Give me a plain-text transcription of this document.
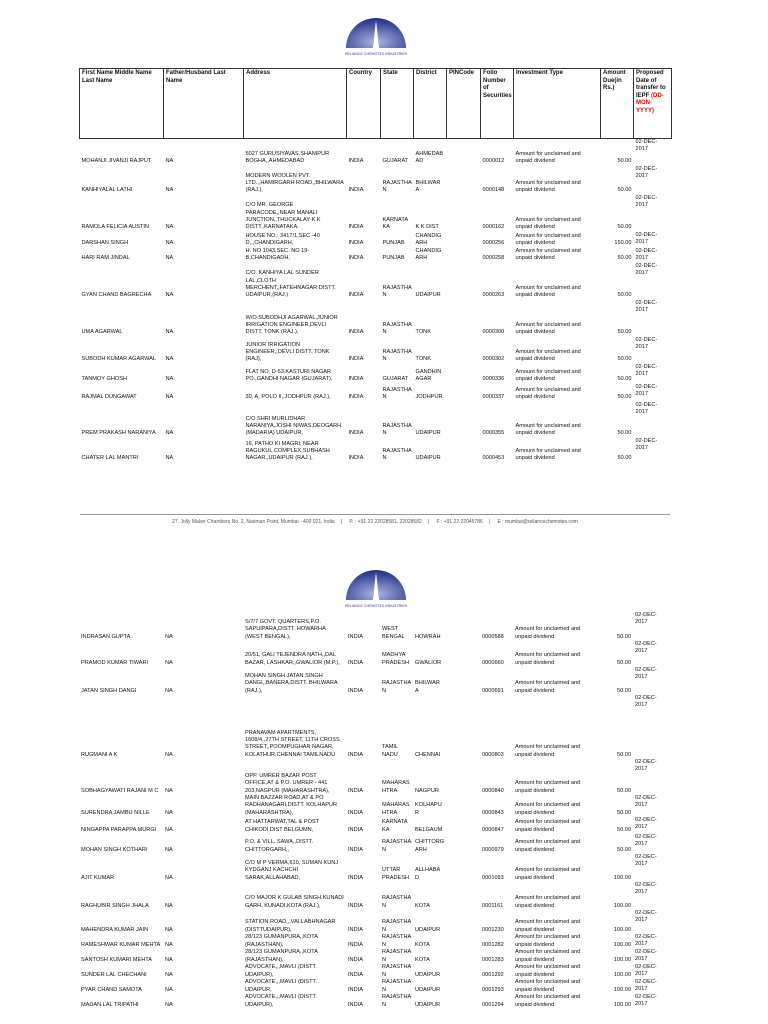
RELIANCE CHEMOTEX INDUSTRIES
First Name Middle Name Last Name	Father/Husband Last Name	Address	Country	State	District	PINCode	Folio Number of Securities	Investment Type	Amount Due(in Rs.)	Proposed Date of transfer to IEPF (DD-MON-YYYY)
MOHANJI JIVANJI RAJPUT	NA	5027 GURUSIYAVAS,SHANIPUR BOGHA,,AHMEDABAD	INDIA	GUJARAT	AHMEDAB AD		0000012	Amount for unclaimed and unpaid dividend	50.00	02-DEC-2017
KANHIYALAL LATHI	NA	MODERN WOOLEN PVT. LTD.,,HAMIRGARH ROAD,,BHILWARA (RAJ.),	INDIA	RAJASTHA N	BHILWAR A		0000148	Amount for unclaimed and unpaid dividend	50.00	02-DEC-2017
RAMOLA FELICIA AUSTIN	NA	C/O MR. GEORGE PARACODE,,NEAR MANALI JUNCTION,,THUCKALAY K.K DISTT.,KARNATAKA.	INDIA	KARNATA KA	K K DIST		0000162	Amount for unclaimed and unpaid dividend	50.00	02-DEC-2017
DARSHAN SINGH	NA	HOUSE NO.: 3417/1,SEC -40 D,,,CHANDIGARH,	INDIA	PUNJAB	CHANDIG ARH		0000256	Amount for unclaimed and unpaid dividend	150.00	02-DEC-2017
HARI RAM JINDAL	NA	H. NO 1043,SEC. NO 19-B,CHANDIGADH,	INDIA	PUNJAB	CHANDIG ARH		0000258	Amount for unclaimed and unpaid dividend	50.00	02-DEC-2017
GYAN CHAND BAGRECHA	NA	C/O. KANHIYA LAL SUNDER LAL,CLOTH MERCHENT,,FATEHNAGAR DISTT. UDAIPUR,(RAJ.)	INDIA	RAJASTHA N	UDAIPUR		0000263	Amount for unclaimed and unpaid dividend	50.00	02-DEC-2017
UMA AGARWAL	NA	W/O SUBODHJI AGARWAL,JUNIOR IRRIGATION ENGINEER,DEVLI DISTT. TONK (RAJ.),	INDIA	RAJASTHA N	TONK		0000300	Amount for unclaimed and unpaid dividend	50.00	02-DEC-2017
SUBODH KUMAR AGARWAL	NA	JUNIOR IRRIGATION ENGINEER,,DEVLI DISTT. TONK (RAJ),	INDIA	RAJASTHA N	TONK		0000302	Amount for unclaimed and unpaid dividend	50.00	02-DEC-2017
TANMOY GHOSH	NA	FLAT NO. D-53,KASTURI NAGAR PO.,GANDHI NAGAR (GUJARAT),	INDIA	GUJARAT	GANDHIN AGAR		0000336	Amount for unclaimed and unpaid dividend	50.00	02-DEC-2017
RAJMAL DUNGAWAT	NA	30, A, POLO II,,JODHPUR (RAJ.),	INDIA	RAJASTHA N	JODHPUR		0000337	Amount for unclaimed and unpaid dividend	50.00	02-DEC-2017
PREM PRAKASH NARANIYA	NA	C/O SHRI MURLIDHAR NARANIYA,JOSHI NIWAS,DEOGARH (MADARIA) UDAIPUR,	INDIA	RAJASTHA N	UDAIPUR		0000355	Amount for unclaimed and unpaid dividend	50.00	02-DEC-2017
CHATER LAL MANTRI	NA	16, PATHO KI MAGRI, NEAR RAGUKUL COMPLEX,SUBHASH NAGAR,,UDAIPUR (RAJ.),	INDIA	RAJASTHA N	UDAIPUR		0000453	Amount for unclaimed and unpaid dividend	50.00	02-DEC-2017
27, Jolly Maker Chambers No. 2, Nariman Point, Mumbai - 400 021, India | P. : +91 22 22028581, 22028582 | F : +91 22 22045786 | E : mumbai@reliancechemotex.com
RELIANCE CHEMOTEX INDUSTRIES
INDRASAN GUPTA	NA	S/7/7 GOVT. QUARTERS,P.O. SAPUIPARA,DISTT. HOWARHA (WEST BENGAL),	INDIA	WEST BENGAL	HOWRAH		0000588	Amount for unclaimed and unpaid dividend	50.00	02-DEC-2017
PRAMOD KUMAR TIWARI	NA	20/51, GALI TEJENDRA NATH,,DAL BAZAR, LASHKAR,,GWALIOR (M.P.),	INDIA	MADHYA PRADESH	GWALIOR		0000660	Amount for unclaimed and unpaid dividend	50.00	02-DEC-2017
JATAN SINGH DANGI	NA	MOHAN SINGH JATAN SINGH DANGI,,BANERA,DISTT. BHILWARA (RAJ.),	INDIA	RAJASTHA N	BHILWAR A		0000691	Amount for unclaimed and unpaid dividend	50.00	02-DEC-2017
RUGMANI A K	NA	PRANAVAM APARTMENTS, 1608/4,,27TH STREET, 11TH CROSS STREET,,POOMPUGHAR NAGAR, KOLATHUR,CHENNAI TAMILNADU	INDIA	TAMIL NADU	CHENNAI		0000803	Amount for unclaimed and unpaid dividend	50.00	02-DEC-2017
SOBHAGYAWATI RAJANI M C	NA	OPP. UMRER BAZAR POST OFFICE,AT & P.O. UMRER - 441 203,NAGPUR (MAHARASHTRA),	INDIA	MAHARAS HTRA	NAGPUR		0000840	Amount for unclaimed and unpaid dividend	50.00	02-DEC-2017
SURENDRA JAMBU NILLE	NA	MAIN BAZZAR ROAD,AT & PO RADHANAGARI,DISTT. KOLHAPUR (MAHARASHTRA),	INDIA	MAHARAS HTRA	KOLHAPU R		0000843	Amount for unclaimed and unpaid dividend	50.00	02-DEC-2017
NINGAPPA PARAPPA MURGI	NA	AT HATTARWAT,TAL & POST CHIKODI,DIST BELGUMN,	INDIA	KARNATA KA	BELGAUM		0000847	Amount for unclaimed and unpaid dividend	50.00	02-DEC-2017
MOHAN SINGH KOTHARI	NA	P.O. & VILL. SAWA,,DISTT. CHITTORGARH,,	INDIA	RAJASTHA N	CHITTORG ARH		0000979	Amount for unclaimed and unpaid dividend	50.00	02-DEC-2017
AJIT KUMAR	NA	C/O M P VERMA,610, SUMAN KUNJ KYDGANJ KACHCHI SARAK,ALLAHABAD,	INDIA	UTTAR PRADESH	ALLHABA D		0001093	Amount for unclaimed and unpaid dividend	100.00	02-DEC-2017
RAGHUBIR SINGH JHALA	NA	C/O MAJOR K GULAB SINGH,KUNADI GARH, KUNADI,KOTA (RAJ.),	INDIA	RAJASTHA N	KOTA		0001161	Amount for unclaimed and unpaid dividend	100.00	02-DEC-2017
MAHENDRA KUMAR JAIN	NA	STATION ROAD,,,VALLABHNAGAR (DISTTUDAIPUR),	INDIA	RAJASTHA N	UDAIPUR		0001230	Amount for unclaimed and unpaid dividend	100.00	02-DEC-2017
RAMESHWAR KUMAR MEHTA	NA	28/123 GUMANPURA,,KOTA (RAJASTHAN),	INDIA	RAJASTHA N	KOTA		0001282	Amount for unclaimed and unpaid dividend	100.00	02-DEC-2017
SANTOSH KUMARI MEHTA	NA	28/123 GUMANPURA,,KOTA (RAJASTHAN),	INDIA	RAJASTHA N	KOTA		0001283	Amount for unclaimed and unpaid dividend	100.00	02-DEC-2017
SUNDER LAL CHECHANI	NA	ADVOCATE,,,MAVLI (DISTT. UDAIPUR),	INDIA	RAJASTHA N	UDAIPUR		0001292	Amount for unclaimed and unpaid dividend	100.00	02-DEC-2017
PYAR CHAND SAMOTA	NA	ADVOCATE,,,MAVLI (DISTT. UDAIPUR,	INDIA	RAJASTHA N	UDAIPUR		0001293	Amount for unclaimed and unpaid dividend	100.00	02-DEC-2017
MADAN LAL TRIPATHI	NA	ADVOCATE,,,MAVLI (DISTT. UDAIPUR),	INDIA	RAJASTHA N	UDAIPUR		0001294	Amount for unclaimed and unpaid dividend	100.00	02-DEC-2017
